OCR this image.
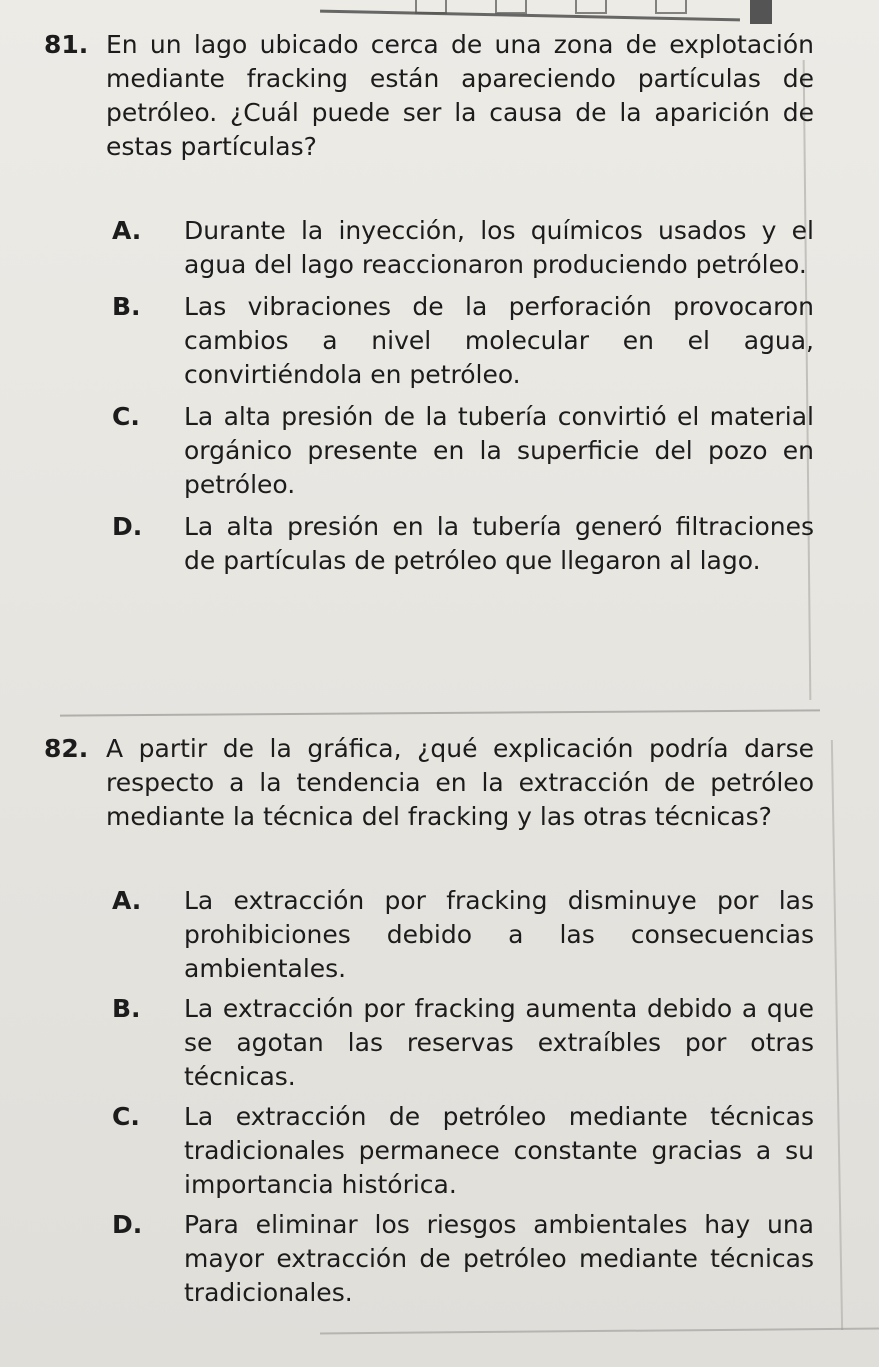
81. En un lago ubicado cerca de una zona de explotación mediante fracking están apareciendo partículas de petróleo. ¿Cuál puede ser la causa de la aparición de estas partículas?
A. Durante la inyección, los químicos usados y el agua del lago reaccionaron produciendo petróleo.
B. Las vibraciones de la perforación provocaron cambios a nivel molecular en el agua, convirtiéndola en petróleo.
C. La alta presión de la tubería convirtió el material orgánico presente en la superficie del pozo en petróleo.
D. La alta presión en la tubería generó filtraciones de partículas de petróleo que llegaron al lago.
82. A partir de la gráfica, ¿qué explicación podría darse respecto a la tendencia en la extracción de petróleo mediante la técnica del fracking y las otras técnicas?
A. La extracción por fracking disminuye por las prohibiciones debido a las consecuencias ambientales.
B. La extracción por fracking aumenta debido a que se agotan las reservas extraíbles por otras técnicas.
C. La extracción de petróleo mediante técnicas tradicionales permanece constante gracias a su importancia histórica.
D. Para eliminar los riesgos ambientales hay una mayor extracción de petróleo mediante técnicas tradicionales.
